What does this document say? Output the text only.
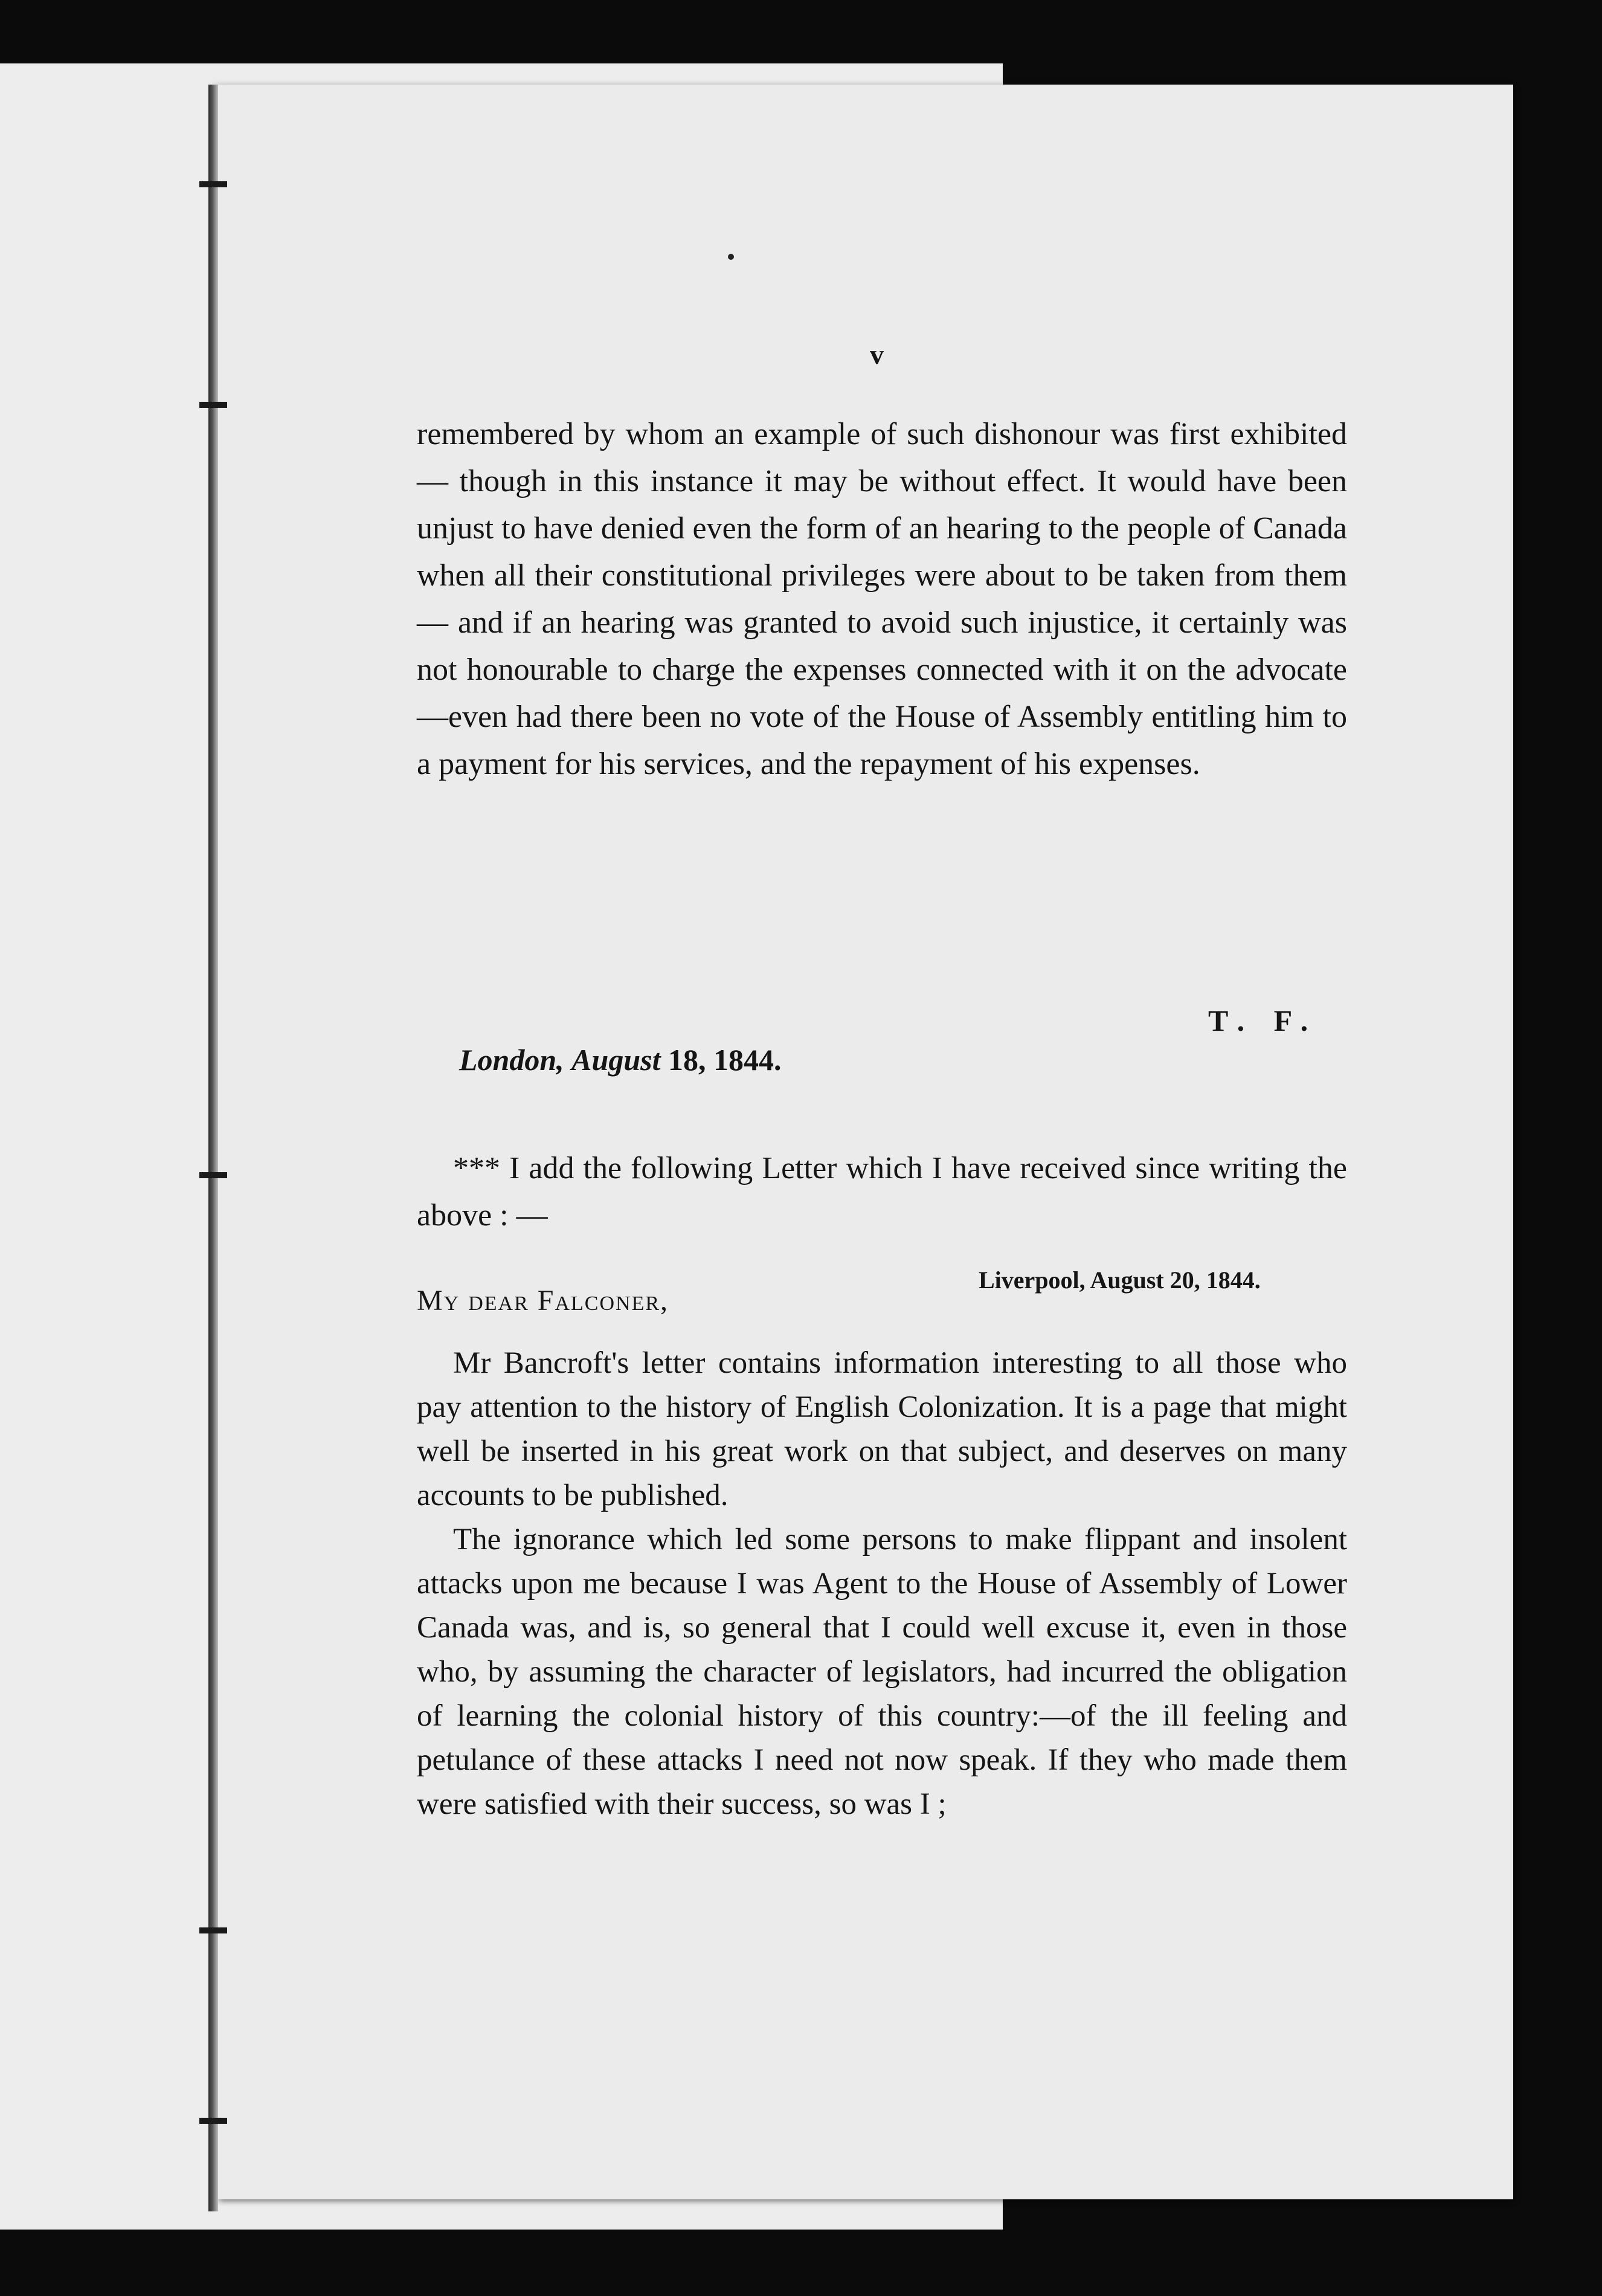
v

remembered by whom an example of such dishonour was first exhibited — though in this instance it may be without effect. It would have been unjust to have denied even the form of an hearing to the people of Canada when all their constitutional privileges were about to be taken from them— and if an hearing was granted to avoid such injustice, it certainly was not honourable to charge the expenses connected with it on the advocate—even had there been no vote of the House of Assembly entitling him to a payment for his services, and the repayment of his expenses.

T. F.
London, August 18, 1844.

*** I add the following Letter which I have received since writing the above : —

Liverpool, August 20, 1844.
My dear Falconer,

Mr Bancroft's letter contains information interesting to all those who pay attention to the history of English Colonization. It is a page that might well be inserted in his great work on that subject, and deserves on many accounts to be published.

The ignorance which led some persons to make flippant and insolent attacks upon me because I was Agent to the House of Assembly of Lower Canada was, and is, so general that I could well excuse it, even in those who, by assuming the character of legislators, had incurred the obligation of learning the colonial history of this country:—of the ill feeling and petulance of these attacks I need not now speak. If they who made them were satisfied with their success, so was I ;
